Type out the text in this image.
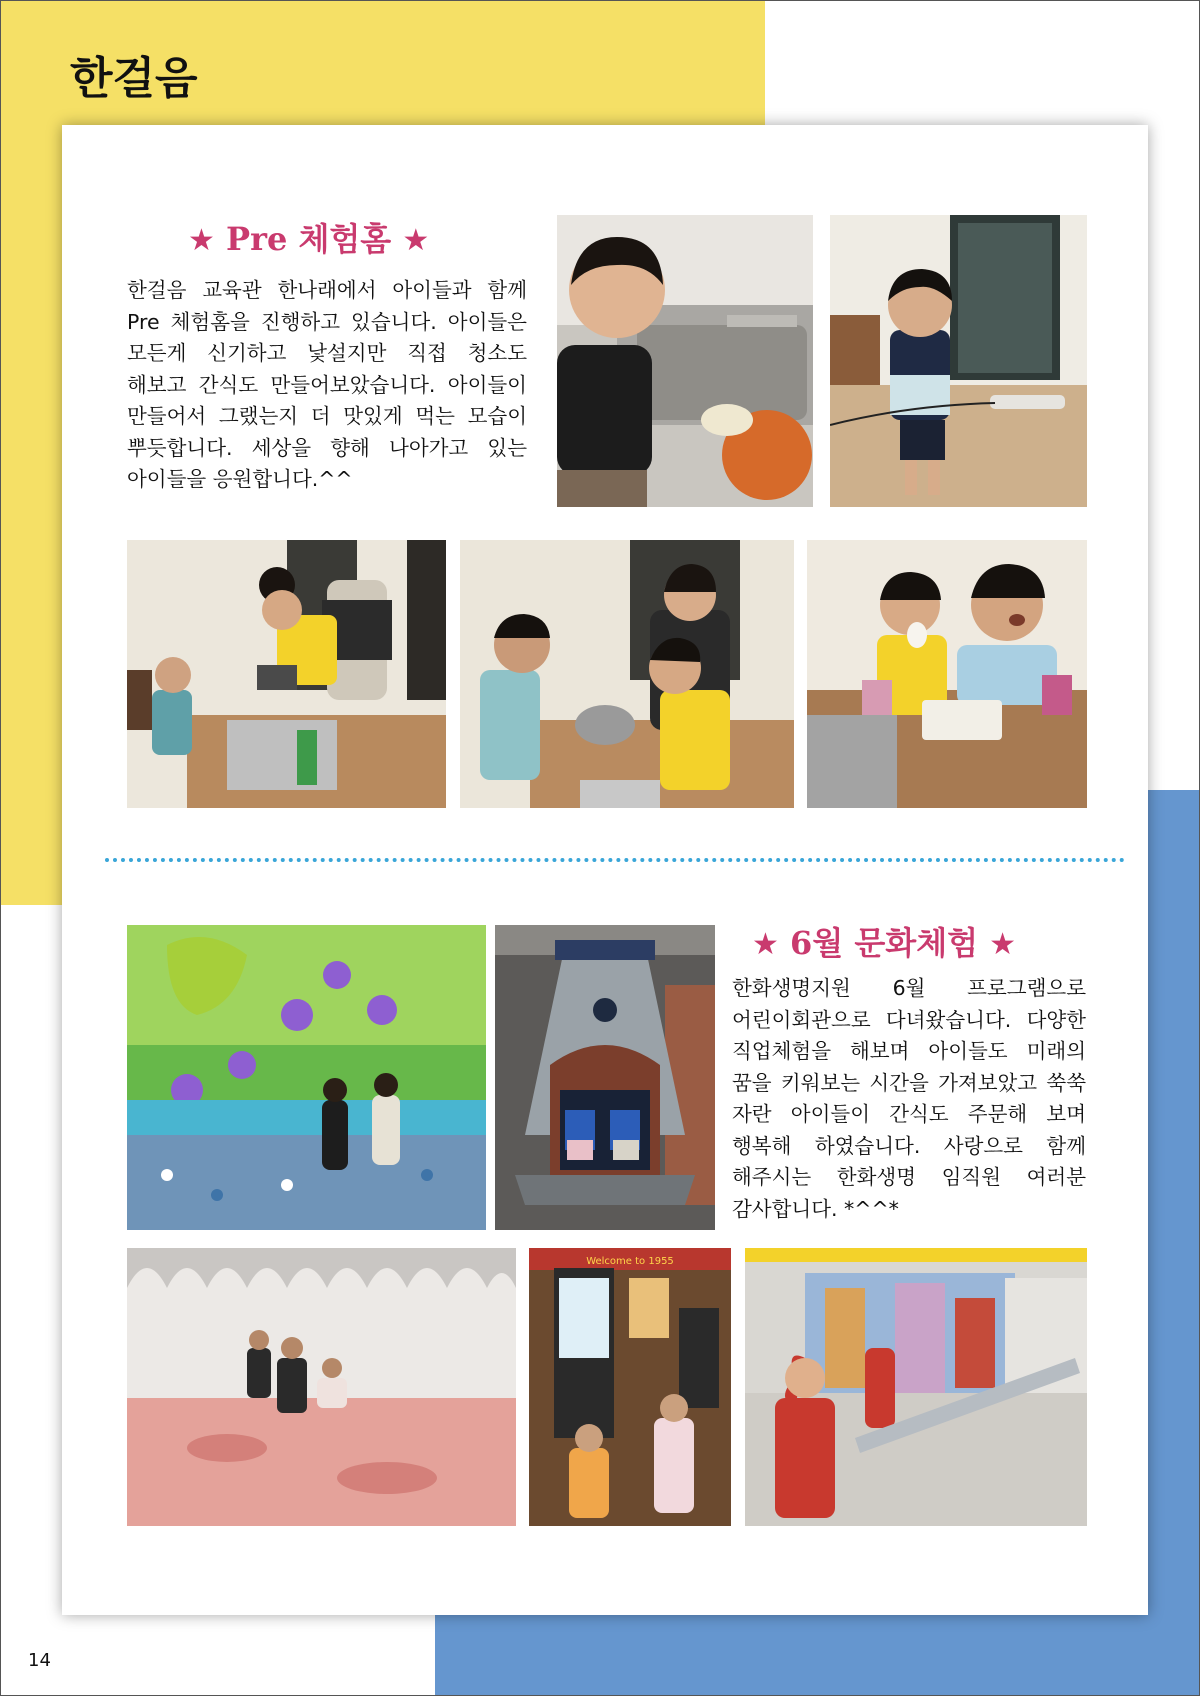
한걸음
★ Pre 체험홈 ★

한걸음 교육관 한나래에서 아이들과 함께 Pre 체험홈을 진행하고 있습니다. 아이들은 모든게 신기하고 낯설지만 직접 청소도 해보고 간식도 만들어보았습니다. 아이들이 만들어서 그랬는지 더 맛있게 먹는 모습이 뿌듯합니다. 세상을 향해 나아가고 있는 아이들을 응원합니다.^^

★ 6월 문화체험 ★

한화생명지원 6월 프로그램으로 어린이회관으로 다녀왔습니다. 다양한 직업체험을 해보며 아이들도 미래의 꿈을 키워보는 시간을 가져보았고 쑥쑥 자란 아이들이 간식도 주문해 보며 행복해 하였습니다. 사랑으로 함께 해주시는 한화생명 임직원 여러분 감사합니다. *^^*

Welcome to 1955
14
